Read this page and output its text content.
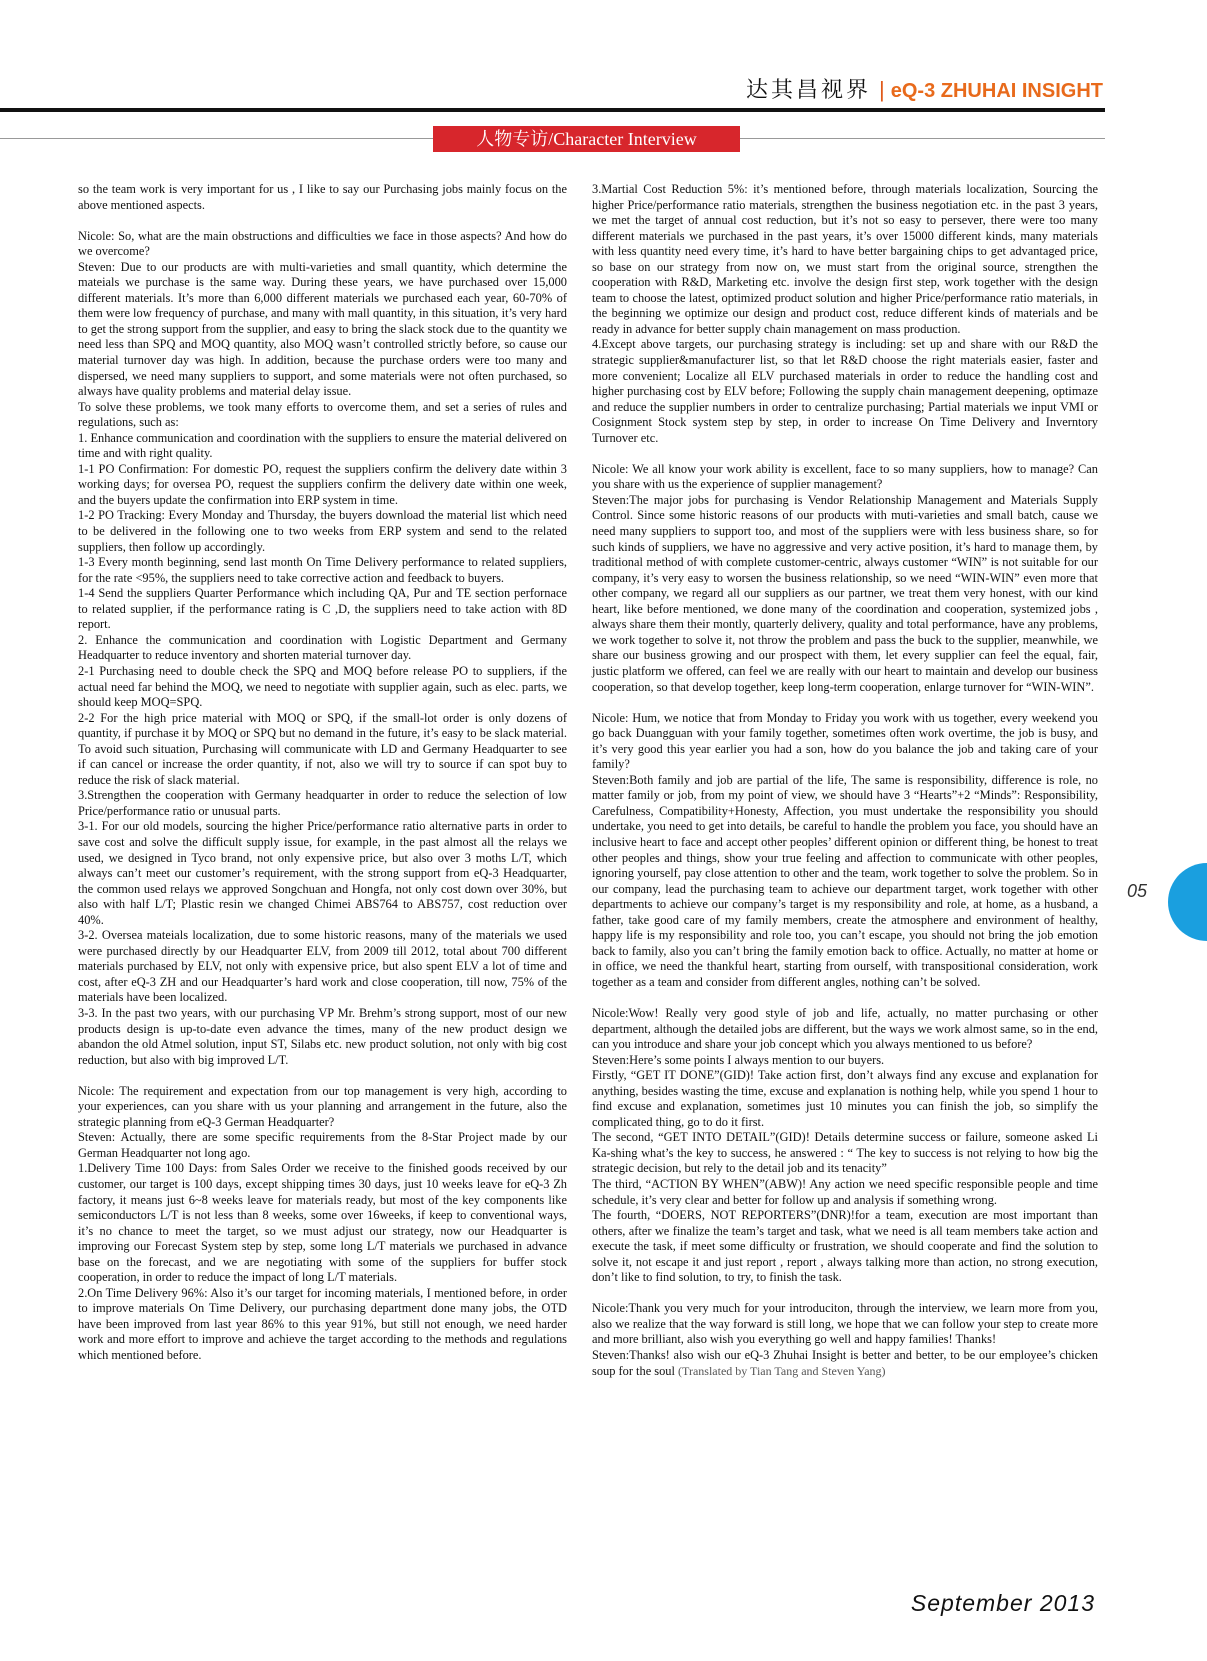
达其昌视界 | eQ-3 ZHUHAI INSIGHT
人物专访/Character Interview

so the team work is very important for us , I like to say our Purchasing jobs mainly focus on the above mentioned aspects.

Nicole: So, what are the main obstructions and difficulties we face in those aspects? And how do we overcome?

Steven: Due to our products are with multi-varieties and small quantity, which determine the mateials we purchase is the same way. During these years, we have purchased over 15,000 different materials. It’s more than 6,000 different materials we purchased each year, 60-70% of them were low frequency of purchase, and many with mall quantity, in this situation, it’s very hard to get the strong support from the supplier, and easy to bring the slack stock due to the quantity we need less than SPQ and MOQ quantity, also MOQ wasn’t controlled strictly before, so cause our material turnover day was high. In addition, because the purchase orders were too many and dispersed, we need many suppliers to support, and some materials were not often purchased, so always have quality problems and material delay issue.

To solve these problems, we took many efforts to overcome them, and set a series of rules and regulations, such as:

1. Enhance communication and coordination with the suppliers to ensure the material delivered on time and with right quality.

1-1 PO Confirmation: For domestic PO, request the suppliers confirm the delivery date within 3 working days; for oversea PO, request the suppliers confirm the delivery date within one week, and the buyers update the confirmation into ERP system in time.

1-2 PO Tracking: Every Monday and Thursday, the buyers download the material list which need to be delivered in the following one to two weeks from ERP system and send to the related suppliers, then follow up accordingly.

1-3 Every month beginning, send last month On Time Delivery performance to related suppliers, for the rate <95%, the suppliers need to take corrective action and feedback to buyers.

1-4 Send the suppliers Quarter Performance which including QA, Pur and TE section perfornace to related supplier, if the performance rating is C ,D, the suppliers need to take action with 8D report.

2. Enhance the communication and coordination with Logistic Department and Germany Headquarter to reduce inventory and shorten material turnover day.

2-1 Purchasing need to double check the SPQ and MOQ before release PO to suppliers, if the actual need far behind the MOQ, we need to negotiate with supplier again, such as elec. parts, we should keep MOQ=SPQ.

2-2 For the high price material with MOQ or SPQ, if the small-lot order is only dozens of quantity, if purchase it by MOQ or SPQ but no demand in the future, it’s easy to be slack material. To avoid such situation, Purchasing will communicate with LD and Germany Headquarter to see if can cancel or increase the order quantity, if not, also we will try to source if can spot buy to reduce the risk of slack material.

3.Strengthen the cooperation with Germany headquarter in order to reduce the selection of low Price/performance ratio or unusual parts.

3-1. For our old models, sourcing the higher Price/performance ratio alternative parts in order to save cost and solve the difficult supply issue, for example, in the past almost all the relays we used, we designed in Tyco brand, not only expensive price, but also over 3 moths L/T, which always can’t meet our customer’s requirement, with the strong support from eQ-3 Headquarter, the common used relays we approved Songchuan and Hongfa, not only cost down over 30%, but also with half L/T; Plastic resin we changed Chimei ABS764 to ABS757, cost reduction over 40%.

3-2. Oversea mateials localization, due to some historic reasons, many of the materials we used were purchased directly by our Headquarter ELV, from 2009 till 2012, total about 700 different materials purchased by ELV, not only with expensive price, but also spent ELV a lot of time and cost, after eQ-3 ZH and our Headquarter’s hard work and close cooperation, till now, 75% of the materials have been localized.

3-3. In the past two years, with our purchasing VP Mr. Brehm’s strong support, most of our new products design is up-to-date even advance the times, many of the new product design we abandon the old Atmel solution, input ST, Silabs etc. new product solution, not only with big cost reduction, but also with big improved L/T.

Nicole: The requirement and expectation from our top management is very high, according to your experiences, can you share with us your planning and arrangement in the future, also the strategic planning from eQ-3 German Headquarter?

Steven: Actually, there are some specific requirements from the 8-Star Project made by our German Headquarter not long ago.

1.Delivery Time 100 Days: from Sales Order we receive to the finished goods received by our customer, our target is 100 days, except shipping times 30 days, just 10 weeks leave for eQ-3 Zh factory, it means just 6~8 weeks leave for materials ready, but most of the key components like semiconductors L/T is not less than 8 weeks, some over 16weeks, if keep to conventional ways, it’s no chance to meet the target, so we must adjust our strategy, now our Headquarter is improving our Forecast System step by step, some long L/T materials we purchased in advance base on the forecast, and we are negotiating with some of the suppliers for buffer stock cooperation, in order to reduce the impact of long L/T materials.

2.On Time Delivery 96%: Also it’s our target for incoming materials, I mentioned before, in order to improve materials On Time Delivery, our purchasing department done many jobs, the OTD have been improved from last year 86% to this year 91%, but still not enough, we need harder work and more effort to improve and achieve the target according to the methods and regulations which mentioned before.

3.Martial Cost Reduction 5%: it’s mentioned before, through materials localization, Sourcing the higher Price/performance ratio materials, strengthen the business negotiation etc. in the past 3 years, we met the target of annual cost reduction, but it’s not so easy to persever, there were too many different materials we purchased in the past years, it’s over 15000 different kinds, many materials with less quantity need every time, it’s hard to have better bargaining chips to get advantaged price, so base on our strategy from now on, we must start from the original source, strengthen the cooperation with R&D, Marketing etc. involve the design first step, work together with the design team to choose the latest, optimized product solution and higher Price/performance ratio materials, in the beginning we optimize our design and product cost, reduce different kinds of materials and be ready in advance for better supply chain management on mass production.

4.Except above targets, our purchasing strategy is including: set up and share with our R&D the strategic supplier&manufacturer list, so that let R&D choose the right materials easier, faster and more convenient; Localize all ELV purchased materials in order to reduce the handling cost and higher purchasing cost by ELV before; Following the supply chain management deepening, optimaze and reduce the supplier numbers in order to centralize purchasing; Partial materials we input VMI or Cosignment Stock system step by step, in order to increase On Time Delivery and Inverntory Turnover etc.

Nicole: We all know your work ability is excellent, face to so many suppliers, how to manage? Can you share with us the experience of supplier management?

Steven:The major jobs for purchasing is Vendor Relationship Management and Materials Supply Control. Since some historic reasons of our products with muti-varieties and small batch, cause we need many suppliers to support too, and most of the suppliers were with less business share, so for such kinds of suppliers, we have no aggressive and very active position, it’s hard to manage them, by traditional method of with complete customer-centric, always customer “WIN” is not suitable for our company, it’s very easy to worsen the business relationship, so we need “WIN-WIN” even more that other company, we regard all our suppliers as our partner, we treat them very honest, with our kind heart, like before mentioned, we done many of the coordination and cooperation, systemized jobs , always share them their montly, quarterly delivery, quality and total performance, have any problems, we work together to solve it, not throw the problem and pass the buck to the supplier, meanwhile, we share our business growing and our prospect with them, let every supplier can feel the equal, fair, justic platform we offered, can feel we are really with our heart to maintain and develop our business cooperation, so that develop together, keep long-term cooperation, enlarge turnover for “WIN-WIN”.

Nicole: Hum, we notice that from Monday to Friday you work with us together, every weekend you go back Duangguan with your family together, sometimes often work overtime, the job is busy, and it’s very good this year earlier you had a son, how do you balance the job and taking care of your family?

Steven:Both family and job are partial of the life, The same is responsibility, difference is role, no matter family or job, from my point of view, we should have 3 “Hearts”+2 “Minds”: Responsibility, Carefulness, Compatibility+Honesty, Affection, you must undertake the responsibility you should undertake, you need to get into details, be careful to handle the problem you face, you should have an inclusive heart to face and accept other peoples’ different opinion or different thing, be honest to treat other peoples and things, show your true feeling and affection to communicate with other peoples, ignoring yourself, pay close attention to other and the team, work together to solve the problem. So in our company, lead the purchasing team to achieve our department target, work together with other departments to achieve our company’s target is my responsibility and role, at home, as a husband, a father, take good care of my family members, create the atmosphere and environment of healthy, happy life is my responsibility and role too, you can’t escape, you should not bring the job emotion back to family, also you can’t bring the family emotion back to office. Actually, no matter at home or in office, we need the thankful heart, starting from ourself, with transpositional consideration, work together as a team and consider from different angles, nothing can’t be solved.

Nicole:Wow! Really very good style of job and life, actually, no matter purchasing or other department, although the detailed jobs are different, but the ways we work almost same, so in the end, can you introduce and share your job concept which you always mentioned to us before?

Steven:Here’s some points I always mention to our buyers.

Firstly, “GET IT DONE”(GID)! Take action first, don’t always find any excuse and explanation for anything, besides wasting the time, excuse and explanation is nothing help, while you spend 1 hour to find excuse and explanation, sometimes just 10 minutes you can finish the job, so simplify the complicated thing, go to do it first.

The second, “GET INTO DETAIL”(GID)! Details determine success or failure, someone asked Li Ka-shing what’s the key to success, he answered : “ The key to success is not relying to how big the strategic decision, but rely to the detail job and its tenacity”

The third, “ACTION BY WHEN”(ABW)! Any action we need specific responsible people and time schedule, it’s very clear and better for follow up and analysis if something wrong.

The fourth, “DOERS, NOT REPORTERS”(DNR)!for a team, execution are most important than others, after we finalize the team’s target and task, what we need is all team members take action and execute the task, if meet some difficulty or frustration, we should cooperate and find the solution to solve it, not escape it and just report , report , always talking more than action, no strong execution, don’t like to find solution, to try, to finish the task.

Nicole:Thank you very much for your introduciton, through the interview, we learn more from you, also we realize that the way forward is still long, we hope that we can follow your step to create more and more brilliant, also wish you everything go well and happy families! Thanks!

Steven:Thanks! also wish our eQ-3 Zhuhai Insight is better and better, to be our employee’s chicken soup for the soul (Translated by Tian Tang and Steven Yang)

05
September 2013
